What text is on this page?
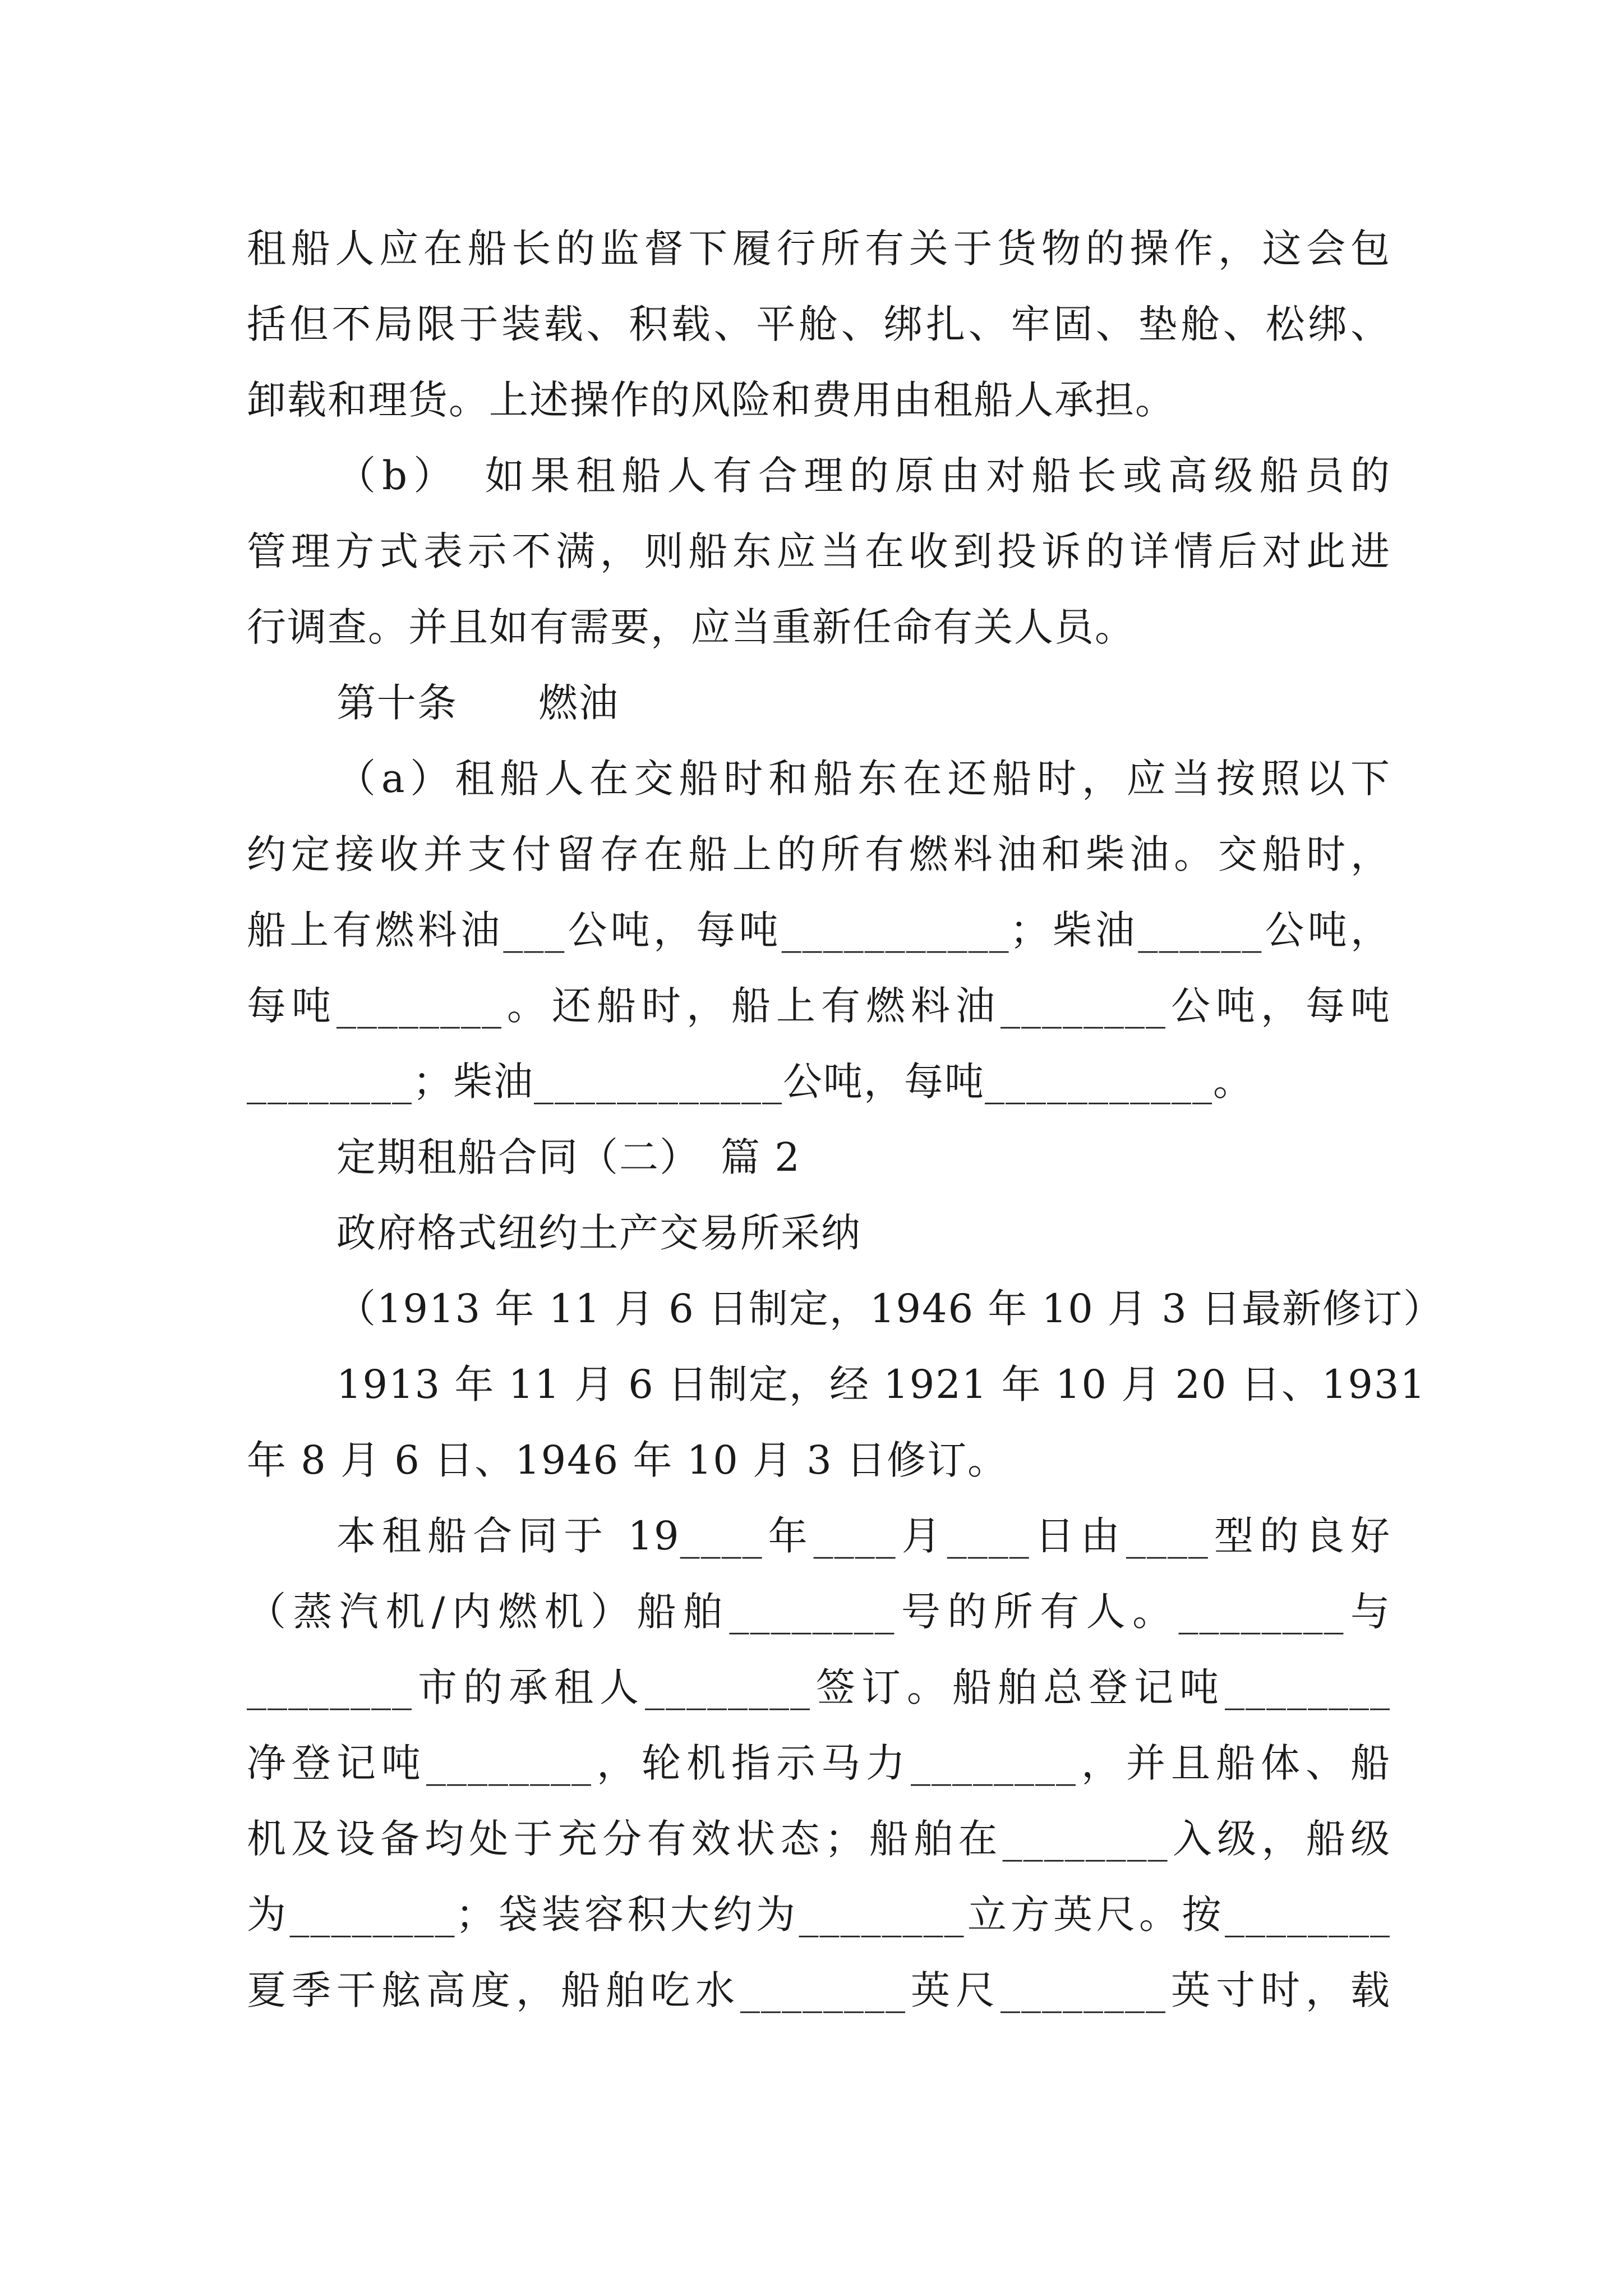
租船人应在船长的监督下履行所有关于货物的操作，这会包
括但不局限于装载、积载、平舱、绑扎、牢固、垫舱、松绑、
卸载和理货。上述操作的风险和费用由租船人承担。
（b）　如果租船人有合理的原由对船长或高级船员的
管理方式表示不满，则船东应当在收到投诉的详情后对此进
行调查。并且如有需要，应当重新任命有关人员。
第十条　　燃油
（a）租船人在交船时和船东在还船时，应当按照以下
约定接收并支付留存在船上的所有燃料油和柴油。交船时，
船上有燃料油___公吨，每吨___________；柴油______公吨，
每吨________。还船时，船上有燃料油________公吨，每吨
________；柴油____________公吨，每吨___________。
定期租船合同（二）　篇 2
政府格式纽约土产交易所采纳
（1913 年 11 月 6 日制定，1946 年 10 月 3 日最新修订）
1913 年 11 月 6 日制定，经 1921 年 10 月 20 日、1931
年 8 月 6 日、1946 年 10 月 3 日修订。
本租船合同于 19____年____月____日由____型的良好
（蒸汽机/内燃机）船舶________号的所有人。________与
________市的承租人________签订。船舶总登记吨________
净登记吨________，轮机指示马力________，并且船体、船
机及设备均处于充分有效状态；船舶在________入级，船级
为________；袋装容积大约为________立方英尺。按________
夏季干舷高度，船舶吃水________英尺________英寸时，载
